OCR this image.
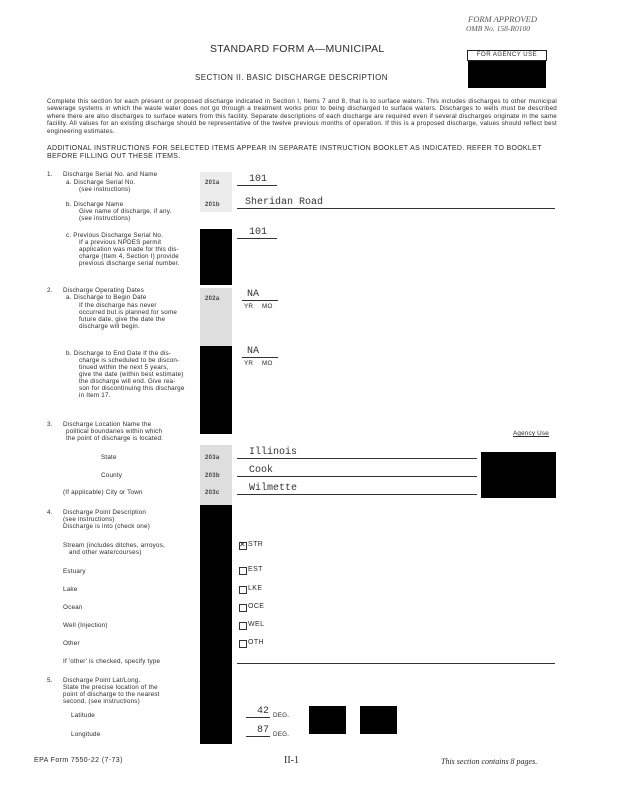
FORM APPROVED
OMB No. 158-R0100
STANDARD FORM A—MUNICIPAL	FOR AGENCY USE
SECTION II. BASIC DISCHARGE DESCRIPTION
Complete this section for each present or proposed discharge indicated in Section I, Items 7 and 8, that is to surface waters. This includes discharges to other municipal sewerage systems in which the waste water does not go through a treatment works prior to being discharged to surface waters. Discharges to wells must be described where there are also discharges to surface waters from this facility. Separate descriptions of each discharge are required even if several discharges originate in the same facility. All values for an existing discharge should be representative of the twelve previous months of operation. If this is a proposed discharge, values should reflect best engineering estimates.
ADDITIONAL INSTRUCTIONS FOR SELECTED ITEMS APPEAR IN SEPARATE INSTRUCTION BOOKLET AS INDICATED. REFER TO BOOKLET BEFORE FILLING OUT THESE ITEMS.
1. Discharge Serial No. and Name
a. Discharge Serial No.
(see instructions)
201a	101
b. Discharge Name
Give name of discharge, if any.
(see instructions)
201b	Sheridan Road
c. Previous Discharge Serial No.
If a previous NPDES permit
application was made for this dis-
charge (Item 4, Section I) provide
previous discharge serial number.
101
2. Discharge Operating Dates
a. Discharge to Begin Date
If the discharge has never
occurred but is planned for some
future date, give the date the
discharge will begin.
202a	NA
YR MO
b. Discharge to End Date If the dis-
charge is scheduled to be discon-
tinued within the next 5 years,
give the date (within best estimate)
the discharge will end. Give rea-
son for discontinuing this discharge
in Item 17.
NA
YR MO
3. Discharge Location Name the
political boundaries within which
the point of discharge is located:
Agency Use
State	203a	Illinois
County	203b	Cook
(If applicable) City or Town	203c	Wilmette
4. Discharge Point Description
(see instructions)
Discharge is into (check one)
Stream (includes ditches, arroyos,
and other watercourses)
✕
STR
Estuary	EST
Lake	LKE
Ocean	OCE
Well (Injection)	WEL
Other	OTH
If 'other' is checked, specify type
5. Discharge Point Lat/Long.
State the precise location of the
point of discharge to the nearest
second. (see instructions)
Latitude	42 DEG.
Longitude	87 DEG.
EPA Form 7550-22 (7-73)	II-1	This section contains 8 pages.
